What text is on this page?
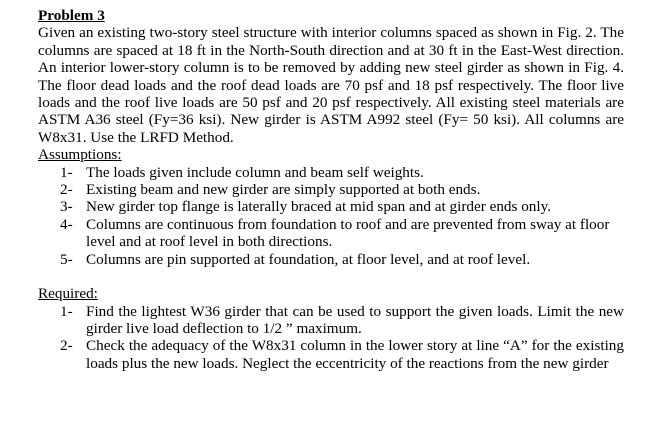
Problem 3

Given an existing two-story steel structure with interior columns spaced as shown in Fig. 2. The columns are spaced at 18 ft in the North-South direction and at 30 ft in the East-West direction. An interior lower-story column is to be removed by adding new steel girder as shown in Fig. 4. The floor dead loads and the roof dead loads are 70 psf and 18 psf respectively. The floor live loads and the roof live loads are 50 psf and 20 psf respectively. All existing steel materials are ASTM A36 steel (Fy=36 ksi). New girder is ASTM A992 steel (Fy= 50 ksi). All columns are W8x31. Use the LRFD Method.

Assumptions:
1- The loads given include column and beam self weights.
2- Existing beam and new girder are simply supported at both ends.
3- New girder top flange is laterally braced at mid span and at girder ends only.
4- Columns are continuous from foundation to roof and are prevented from sway at floor level and at roof level in both directions.
5- Columns are pin supported at foundation, at floor level, and at roof level.
Required:
1- Find the lightest W36 girder that can be used to support the given loads. Limit the new girder live load deflection to 1/2 ” maximum.
2- Check the adequacy of the W8x31 column in the lower story at line “A” for the existing loads plus the new loads. Neglect the eccentricity of the reactions from the new girder
